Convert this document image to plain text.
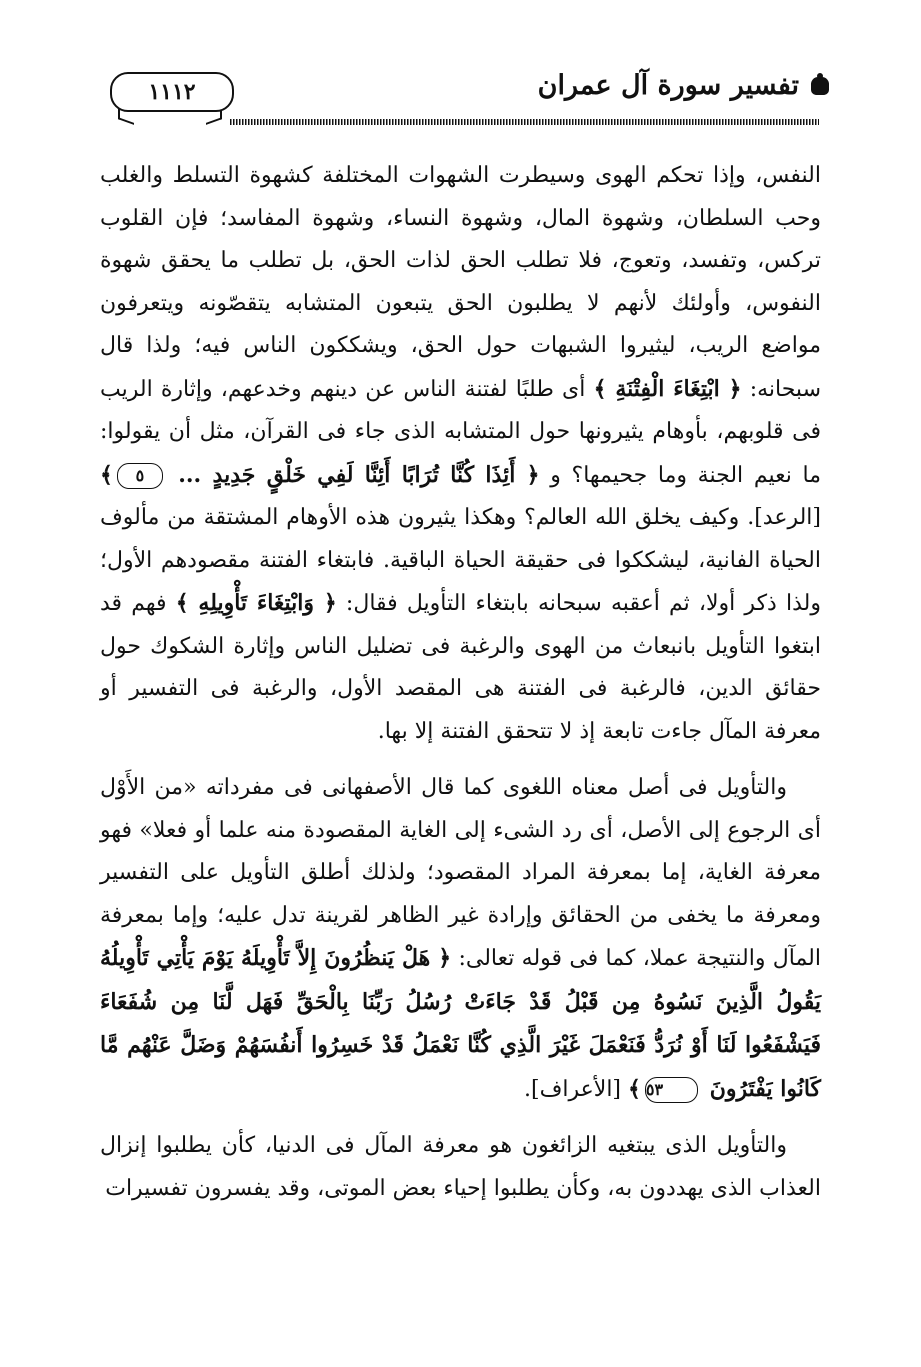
١١١٢	تفسير سورة آل عمران

النفس، وإذا تحكم الهوى وسيطرت الشهوات المختلفة كشهوة التسلط والغلب وحب السلطان، وشهوة المال، وشهوة النساء، وشهوة المفاسد؛ فإن القلوب تركس، وتفسد، وتعوج، فلا تطلب الحق لذات الحق، بل تطلب ما يحقق شهوة النفوس، وأولئك لأنهم لا يطلبون الحق يتبعون المتشابه يتقصّونه ويتعرفون مواضع الريب، ليثيروا الشبهات حول الحق، ويشككون الناس فيه؛ ولذا قال سبحانه: ﴿ ابْتِغَاءَ الْفِتْنَةِ ﴾ أى طلبًا لفتنة الناس عن دينهم وخدعهم، وإثارة الريب فى قلوبهم، بأوهام يثيرونها حول المتشابه الذى جاء فى القرآن، مثل أن يقولوا: ما نعيم الجنة وما جحيمها؟ و ﴿ أَئِذَا كُنَّا تُرَابًا أَئِنَّا لَفِي خَلْقٍ جَدِيدٍ ... ٥﴾ [الرعد]. وكيف يخلق الله العالم؟ وهكذا يثيرون هذه الأوهام المشتقة من مألوف الحياة الفانية، ليشككوا فى حقيقة الحياة الباقية. فابتغاء الفتنة مقصودهم الأول؛ ولذا ذكر أولا، ثم أعقبه سبحانه بابتغاء التأويل فقال: ﴿ وَابْتِغَاءَ تَأْوِيلِهِ ﴾ فهم قد ابتغوا التأويل بانبعاث من الهوى والرغبة فى تضليل الناس وإثارة الشكوك حول حقائق الدين، فالرغبة فى الفتنة هى المقصد الأول، والرغبة فى التفسير أو معرفة المآل جاءت تابعة إذ لا تتحقق الفتنة إلا بها.

والتأويل فى أصل معناه اللغوى كما قال الأصفهانى فى مفرداته «من الأَوْل أى الرجوع إلى الأصل، أى رد الشىء إلى الغاية المقصودة منه علما أو فعلا» فهو معرفة الغاية، إما بمعرفة المراد المقصود؛ ولذلك أطلق التأويل على التفسير ومعرفة ما يخفى من الحقائق وإرادة غير الظاهر لقرينة تدل عليه؛ وإما بمعرفة المآل والنتيجة عملا، كما فى قوله تعالى: ﴿ هَلْ يَنظُرُونَ إِلاَّ تَأْوِيلَهُ يَوْمَ يَأْتِي تَأْوِيلُهُ يَقُولُ الَّذِينَ نَسُوهُ مِن قَبْلُ قَدْ جَاءَتْ رُسُلُ رَبِّنَا بِالْحَقِّ فَهَل لَّنَا مِن شُفَعَاءَ فَيَشْفَعُوا لَنَا أَوْ نُرَدُّ فَنَعْمَلَ غَيْرَ الَّذِي كُنَّا نَعْمَلُ قَدْ خَسِرُوا أَنفُسَهُمْ وَضَلَّ عَنْهُم مَّا كَانُوا يَفْتَرُونَ ٥٣﴾ [الأعراف].

والتأويل الذى يبتغيه الزائغون هو معرفة المآل فى الدنيا، كأن يطلبوا إنزال العذاب الذى يهددون به، وكأن يطلبوا إحياء بعض الموتى، وقد يفسرون تفسيرات
